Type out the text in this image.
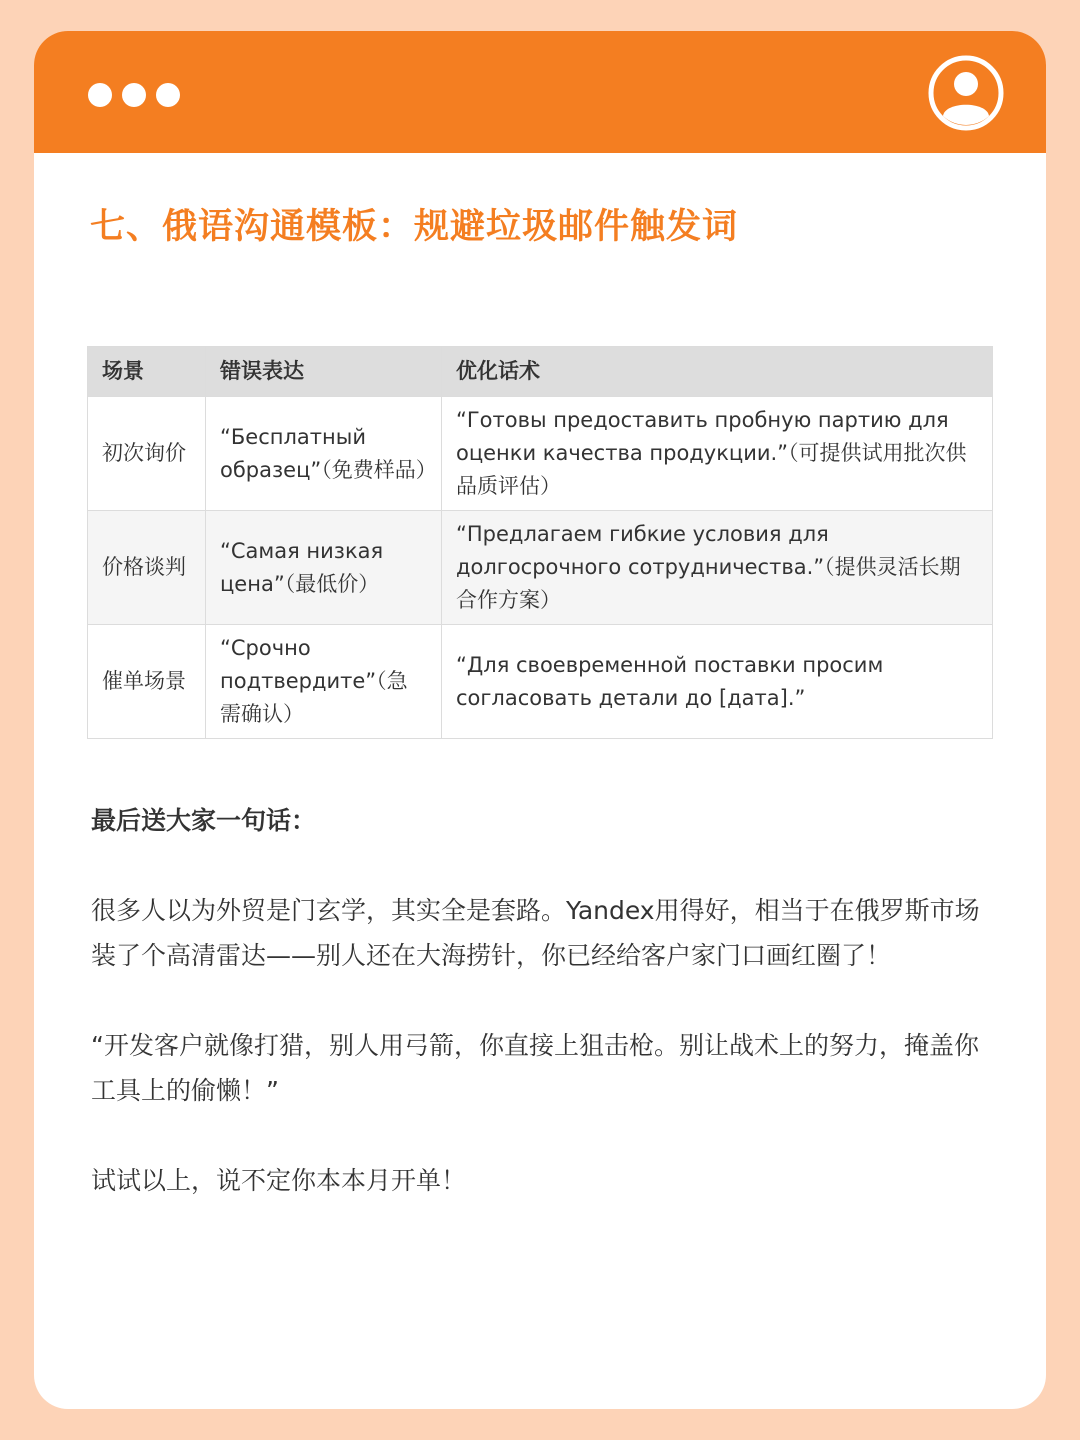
七、俄语沟通模板：规避垃圾邮件触发词
场景	错误表达	优化话术
初次询价	“Бесплатный образец”（免费样品）	“Готовы предоставить пробную партию для оценки качества продукции.”（可提供试用批次供品质评估）
价格谈判	“Самая низкая цена”（最低价）	“Предлагаем гибкие условия для долгосрочного сотрудничества.”（提供灵活长期合作方案）
催单场景	“Срочно подтвердите”（急需确认）	“Для своевременной поставки просим согласовать детали до [дата].”

最后送大家一句话：

很多人以为外贸是门玄学，其实全是套路。Yandex用得好，相当于在俄罗斯市场装了个高清雷达——别人还在大海捞针，你已经给客户家门口画红圈了！

“开发客户就像打猎，别人用弓箭，你直接上狙击枪。别让战术上的努力，掩盖你工具上的偷懒！”

试试以上，说不定你本本月开单！
